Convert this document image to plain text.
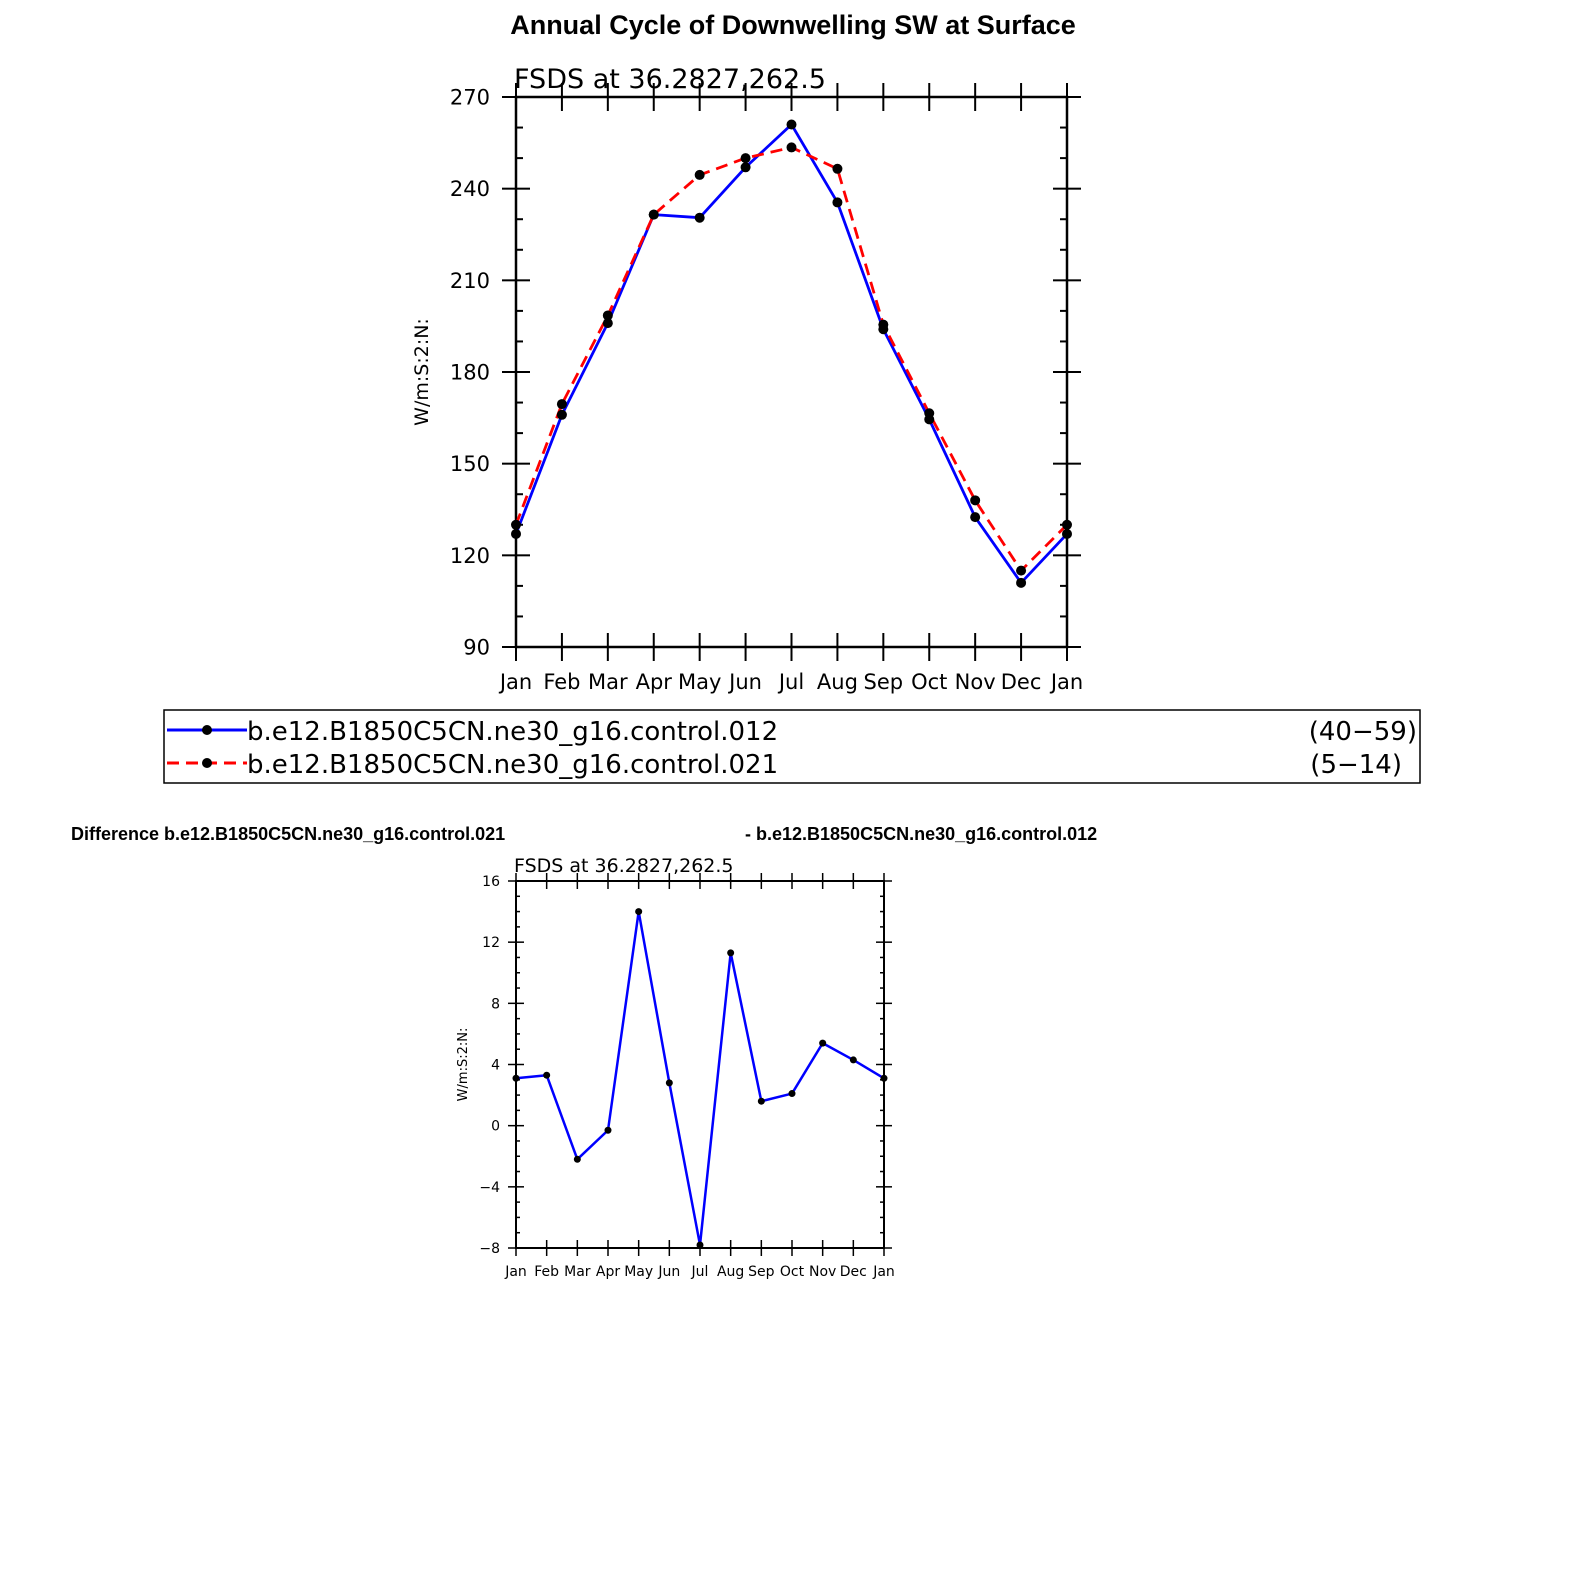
Annual Cycle of Downwelling SW at Surface
FSDS at 36.2827,262.5
W/m:S:2:N:
Jan Feb Mar Apr May Jun Jul Aug Sep Oct Nov Dec Jan
90
120
150
180
210
240
270
b.e12.B1850C5CN.ne30_g16.control.012	(40−59)
b.e12.B1850C5CN.ne30_g16.control.021	(5−14)
Difference b.e12.B1850C5CN.ne30_g16.control.021	- b.e12.B1850C5CN.ne30_g16.control.012
FSDS at 36.2827,262.5
W/m:S:2:N:
Jan Feb Mar Apr May Jun Jul Aug Sep Oct Nov Dec Jan
−8
−4
0
4
8
12
16
